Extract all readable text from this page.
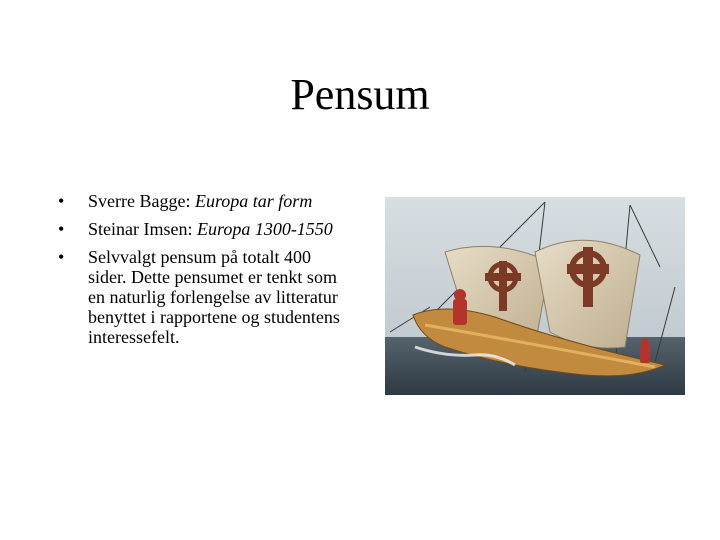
Pensum
• Sverre Bagge: Europa tar form
• Steinar Imsen: Europa 1300-1550
• Selvvalgt pensum på totalt 400 sider. Dette pensumet er tenkt som en naturlig forlengelse av litteratur benyttet i rapportene og studentens interessefelt.
